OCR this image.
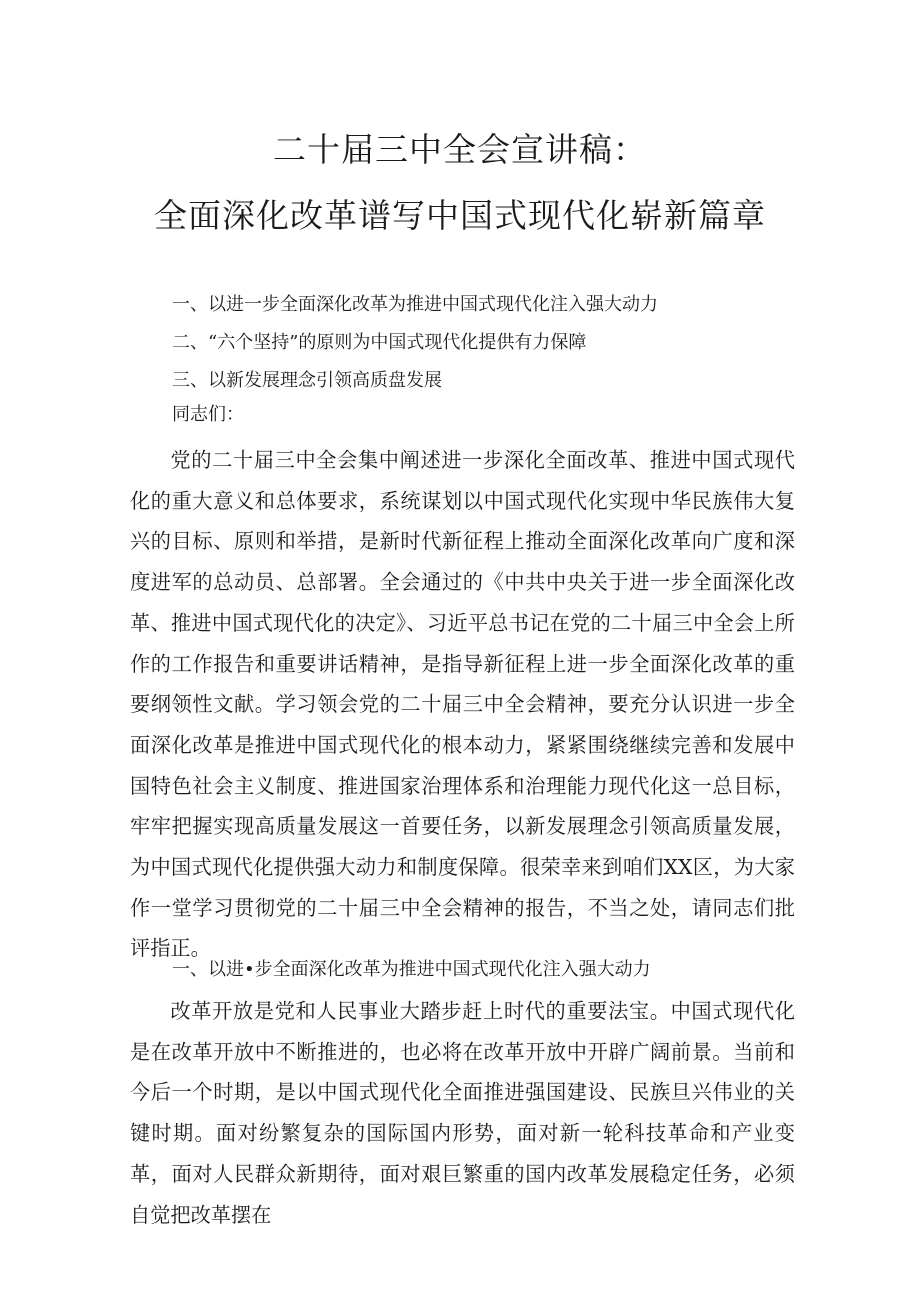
二十届三中全会宣讲稿：
全面深化改革谱写中国式现代化崭新篇章
一、以进一步全面深化改革为推进中国式现代化注入强大动力
二、“六个坚持”的原则为中国式现代化提供有力保障
三、以新发展理念引领高质盘发展
同志们：

党的二十届三中全会集中阐述进一步深化全面改革、推进中国式现代化的重大意义和总体要求，系统谋划以中国式现代化实现中华民族伟大复兴的目标、原则和举措，是新时代新征程上推动全面深化改革向广度和深度进军的总动员、总部署。全会通过的《中共中央关于进一步全面深化改革、推进中国式现代化的决定》、习近平总书记在党的二十届三中全会上所作的工作报告和重要讲话精神，是指导新征程上进一步全面深化改革的重要纲领性文献。学习领会党的二十届三中全会精神，要充分认识进一步全面深化改革是推进中国式现代化的根本动力，紧紧围绕继续完善和发展中国特色社会主义制度、推进国家治理体系和治理能力现代化这一总目标，牢牢把握实现高质量发展这一首要任务，以新发展理念引领高质量发展，为中国式现代化提供强大动力和制度保障。很荣幸来到咱们XX区，为大家作一堂学习贯彻党的二十届三中全会精神的报告，不当之处，请同志们批评指正。

一、以进•步全面深化改革为推进中国式现代化注入强大动力

改革开放是党和人民事业大踏步赶上时代的重要法宝。中国式现代化是在改革开放中不断推进的，也必将在改革开放中开辟广阔前景。当前和今后一个时期，是以中国式现代化全面推进强国建设、民族旦兴伟业的关键时期。面对纷繁复杂的国际国内形势，面对新一轮科技革命和产业变革，面对人民群众新期待，面对艰巨繁重的国内改革发展稳定任务，必须自觉把改革摆在
